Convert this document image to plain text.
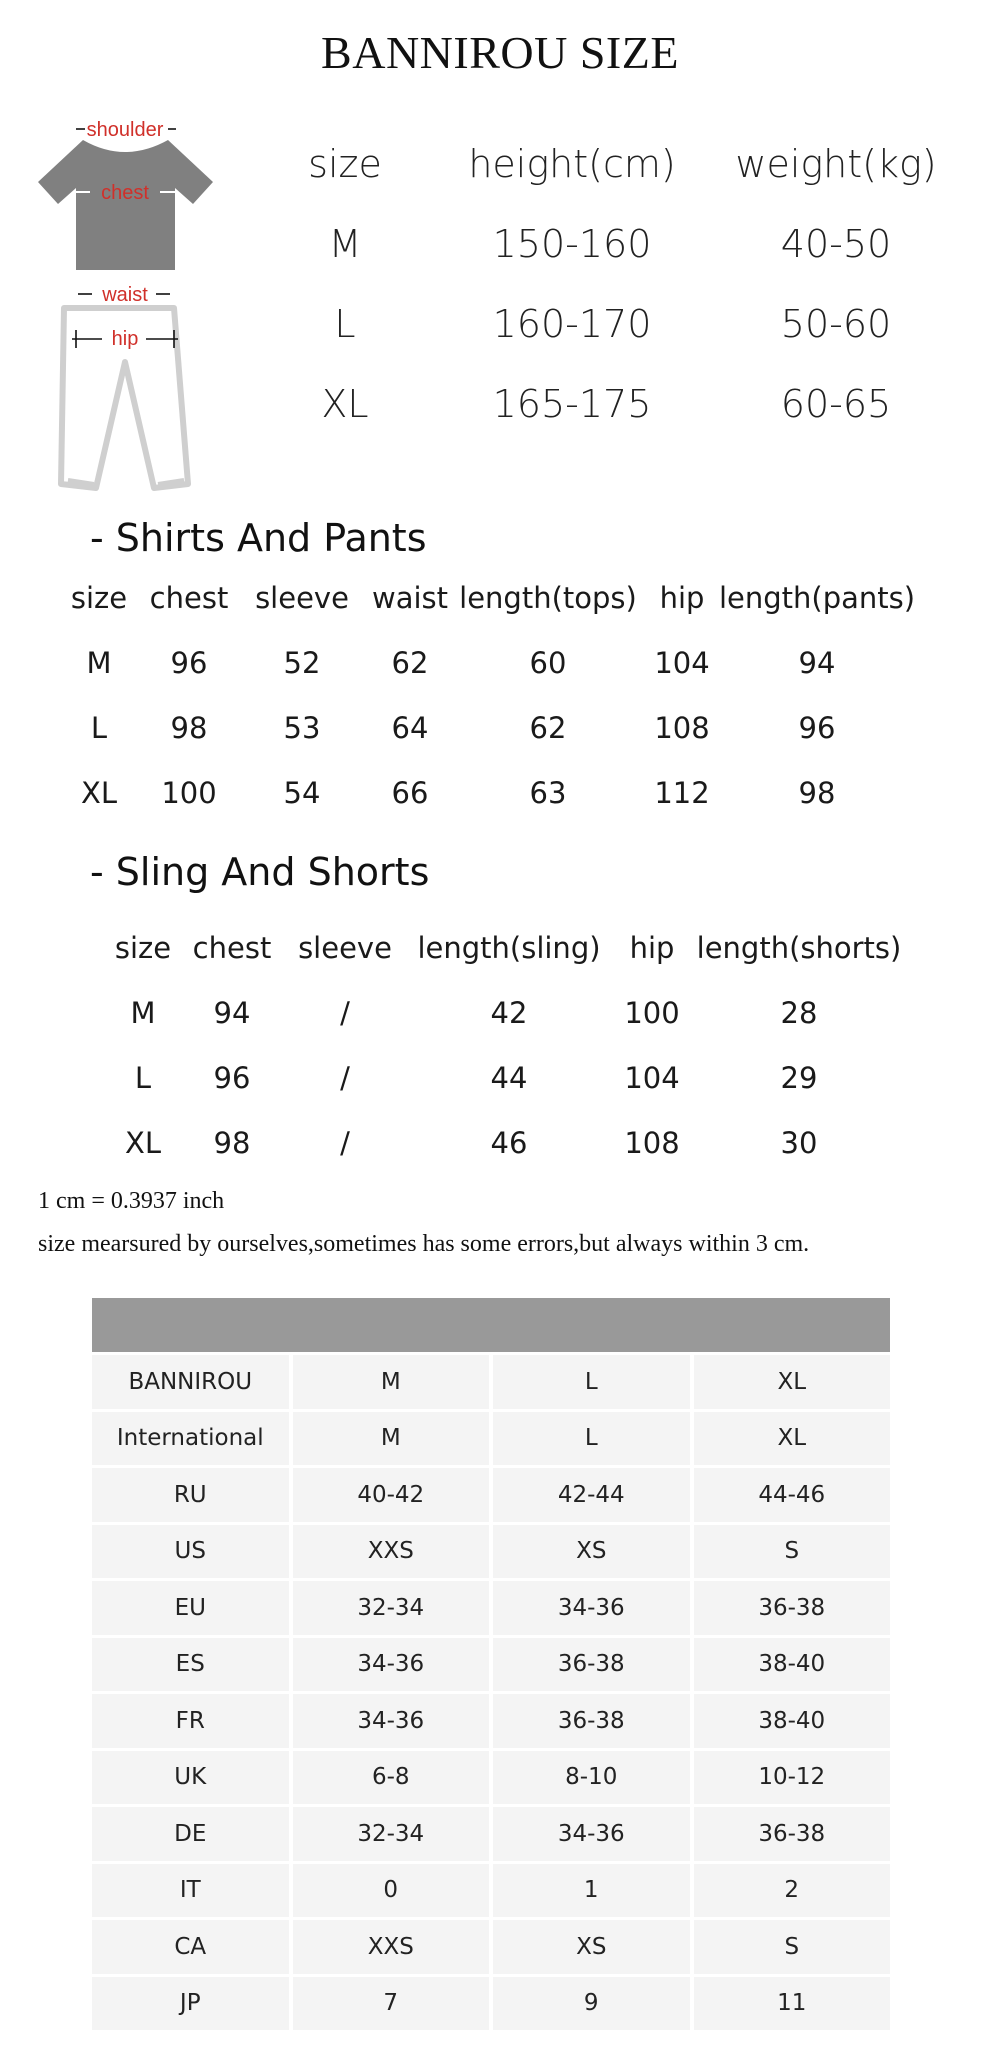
BANNIROU SIZE
shoulder
chest
waist
hip
size height(cm) weight(kg)
M	150-160	40-50
L	160-170	50-60
XL	165-175	60-65
- Shirts And Pants
size chest sleeve waist length(tops) hip length(pants)
M 96	52 62	60	104	94
L 98	53 64	62	108	96
XL 100 54 66	63	112	98
- Sling And Shorts
size chest sleeve length(sling) hip length(shorts)
M 94	/	42	100	28
L 96	/	44	104	29
XL 98	/	46	108	30
1 cm = 0.3937 inch
size mearsured by ourselves,sometimes has some errors,but always within 3 cm.
BANNIROU	M	L	XL
International	M	L	XL
RU	40-42	42-44	44-46
US	XXS	XS	S
EU	32-34	34-36	36-38
ES	34-36	36-38	38-40
FR	34-36	36-38	38-40
UK	6-8	8-10	10-12
DE	32-34	34-36	36-38
IT	0	1	2
CA	XXS	XS	S
JP	7	9	11
